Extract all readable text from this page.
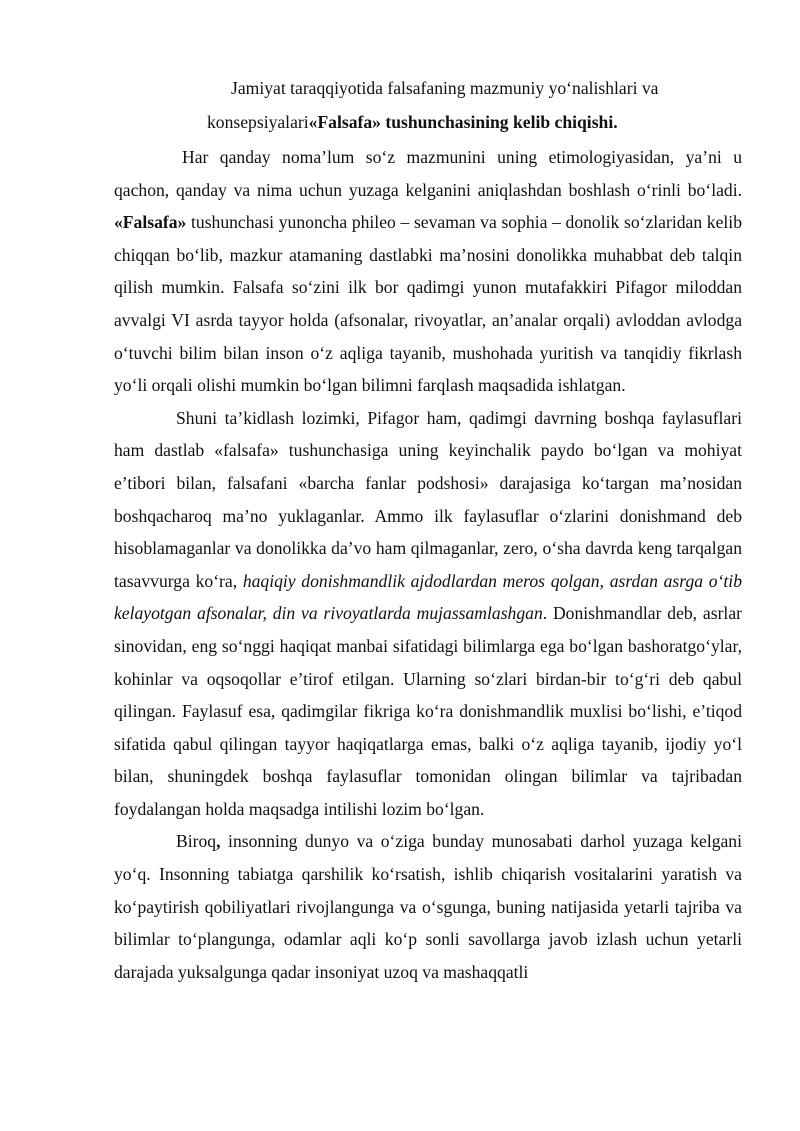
Jamiyat taraqqiyotida falsafaning mazmuniy yo‘nalishlari va
konsepsiyalari«Falsafa» tushunchasining kelib chiqishi.

Har qanday noma’lum so‘z mazmunini uning etimologiyasidan, ya’ni u qachon, qanday va nima uchun yuzaga kelganini aniqlashdan boshlash o‘rinli bo‘ladi. «Falsafa» tushunchasi yunoncha phileo – sevaman va sophia – donolik so‘zlaridan kelib chiqqan bo‘lib, mazkur atamaning dastlabki ma’nosini donolikka muhabbat deb talqin qilish mumkin. Falsafa so‘zini ilk bor qadimgi yunon mutafakkiri Pifagor miloddan avvalgi VI asrda tayyor holda (afsonalar, rivoyatlar, an’analar orqali) avloddan avlodga o‘tuvchi bilim bilan inson o‘z aqliga tayanib, mushohada yuritish va tanqidiy fikrlash yo‘li orqali olishi mumkin bo‘lgan bilimni farqlash maqsadida ishlatgan.

Shuni ta’kidlash lozimki, Pifagor ham, qadimgi davrning boshqa faylasuflari ham dastlab «falsafa» tushunchasiga uning keyinchalik paydo bo‘lgan va mohiyat e’tibori bilan, falsafani «barcha fanlar podshosi» darajasiga ko‘targan ma’nosidan boshqacharoq ma’no yuklaganlar. Ammo ilk faylasuflar o‘zlarini donishmand deb hisoblamaganlar va donolikka da’vo ham qilmaganlar, zero, o‘sha davrda keng tarqalgan tasavvurga ko‘ra, haqiqiy donishmandlik ajdodlardan meros qolgan, asrdan asrga o‘tib kelayotgan afsonalar, din va rivoyatlarda mujassamlashgan. Donishmandlar deb, asrlar sinovidan, eng so‘nggi haqiqat manbai sifatidagi bilimlarga ega bo‘lgan bashoratgo‘ylar, kohinlar va oqsoqollar e’tirof etilgan. Ularning so‘zlari birdan-bir to‘g‘ri deb qabul qilingan. Faylasuf esa, qadimgilar fikriga ko‘ra donishmandlik muxlisi bo‘lishi, e’tiqod sifatida qabul qilingan tayyor haqiqatlarga emas, balki o‘z aqliga tayanib, ijodiy yo‘l bilan, shuningdek boshqa faylasuflar tomonidan olingan bilimlar va tajribadan foydalangan holda maqsadga intilishi lozim bo‘lgan.

Biroq, insonning dunyo va o‘ziga bunday munosabati darhol yuzaga kelgani yo‘q. Insonning tabiatga qarshilik ko‘rsatish, ishlib chiqarish vositalarini yaratish va ko‘paytirish qobiliyatlari rivojlangunga va o‘sgunga, buning natijasida yetarli tajriba va bilimlar to‘plangunga, odamlar aqli ko‘p sonli savollarga javob izlash uchun yetarli darajada yuksalgunga qadar insoniyat uzoq va mashaqqatli
